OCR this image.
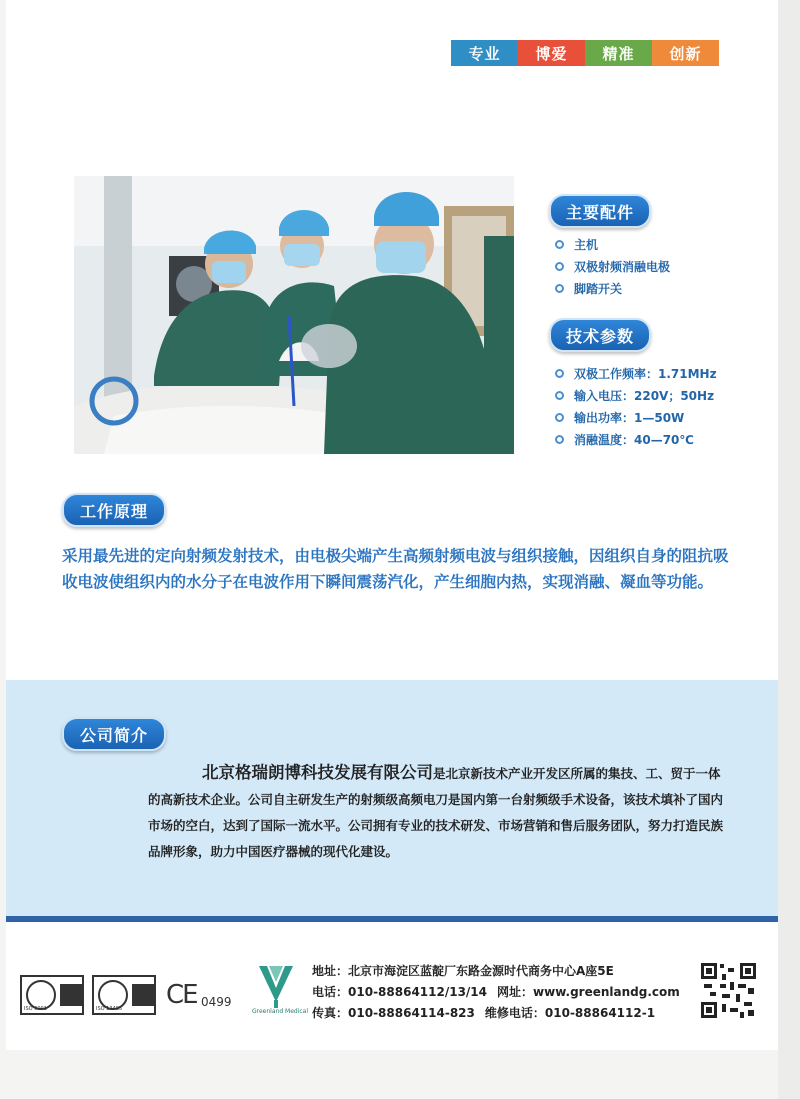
专业	博爱	精准	创新
主要配件
主机
双极射频消融电极
脚踏开关
技术参数
双极工作频率：1.71MHz
输入电压：220V；50Hz
输出功率：1—50W
消融温度：40—70℃
工作原理

采用最先进的定向射频发射技术，由电极尖端产生高频射频电波与组织接触，因组织自身的阻抗吸收电波使组织内的水分子在电波作用下瞬间震荡汽化，产生细胞内热，实现消融、凝血等功能。

公司简介

北京格瑞朗博科技发展有限公司是北京新技术产业开发区所属的集技、工、贸于一体的高新技术企业。公司自主研发生产的射频级高频电刀是国内第一台射频级手术设备，该技术填补了国内市场的空白，达到了国际一流水平。公司拥有专业的技术研发、市场营销和售后服务团队，努力打造民族品牌形象，助力中国医疗器械的现代化建设。

ISO 9001	ISO 13485 CE 0499
Greenland Medical
地址：北京市海淀区蓝靛厂东路金源时代商务中心A座5E
电话：010-88864112/13/14 网址：www.greenlandg.com
传真：010-88864114-823 维修电话：010-88864112-1
